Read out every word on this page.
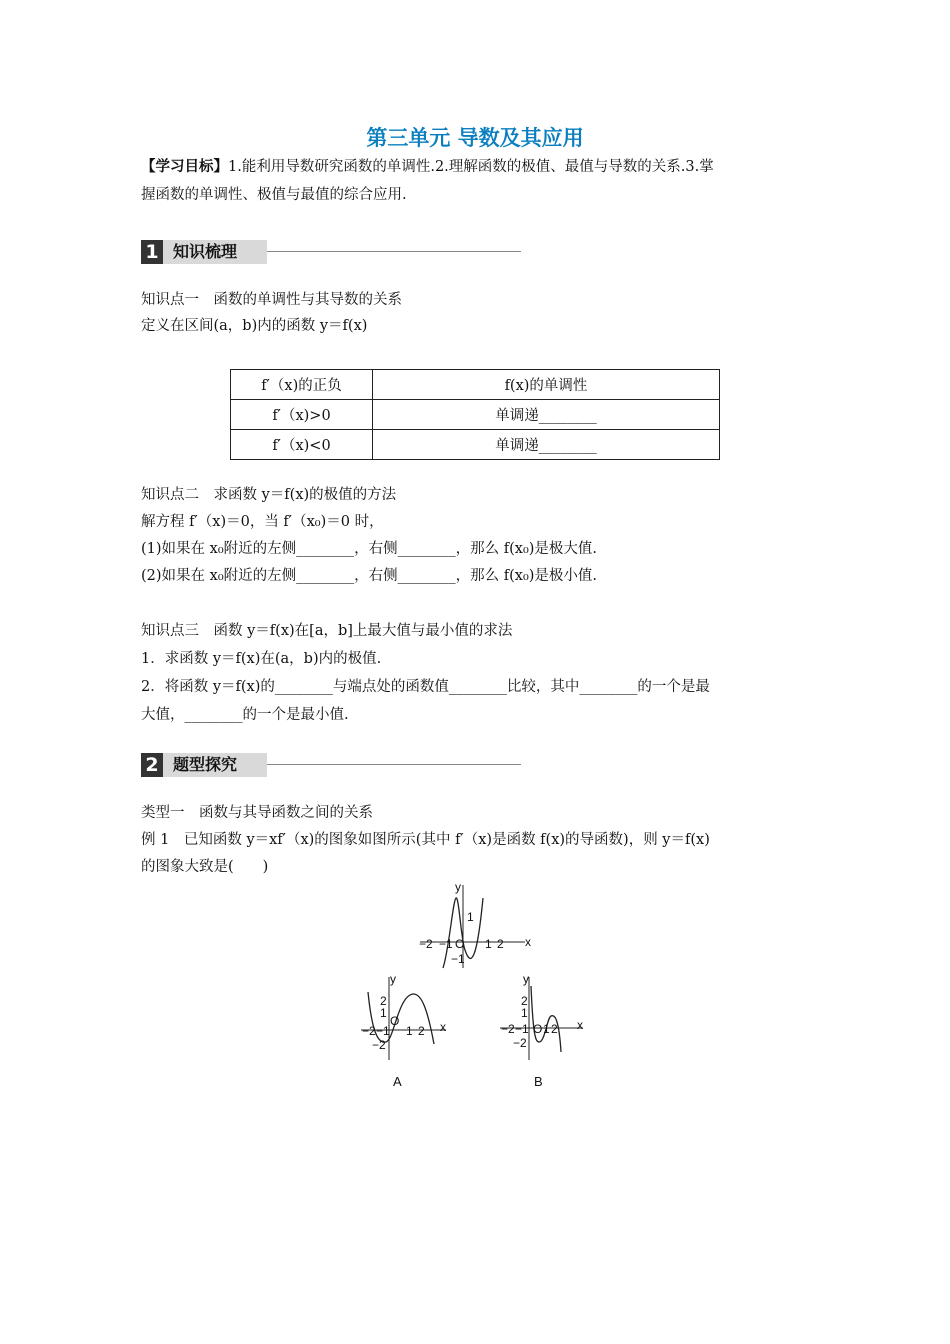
第三单元 导数及其应用
【学习目标】1.能利用导数研究函数的单调性.2.理解函数的极值、最值与导数的关系.3.掌
握函数的单调性、极值与最值的综合应用.
1 知识梳理
知识点一　函数的单调性与其导数的关系
定义在区间(a，b)内的函数 y＝f(x)
f′（x)的正负	f(x)的单调性
f′（x)>0	单调递________
f′（x)<0	单调递________
知识点二　求函数 y＝f(x)的极值的方法
解方程 f′（x)＝0，当 f′（x₀)＝0 时，
(1)如果在 x₀附近的左侧________，右侧________，那么 f(x₀)是极大值.
(2)如果在 x₀附近的左侧________，右侧________，那么 f(x₀)是极小值.
知识点三　函数 y＝f(x)在[a，b]上最大值与最小值的求法
1．求函数 y＝f(x)在(a，b)内的极值.
2．将函数 y＝f(x)的________与端点处的函数值________比较，其中________的一个是最
大值，________的一个是最小值.
2 题型探究
类型一　函数与其导函数之间的关系
例 1　已知函数 y＝xf′（x)的图象如图所示(其中 f′（x)是函数 f(x)的导函数)，则 y＝f(x)
的图象大致是(　　)
y
x
−2 −1 O 1 2
1
−1
y
x
−2 −1
O
1 2
2
1
−2
A
y
x
−2 −1 O 1 2
2
1
−2
B
